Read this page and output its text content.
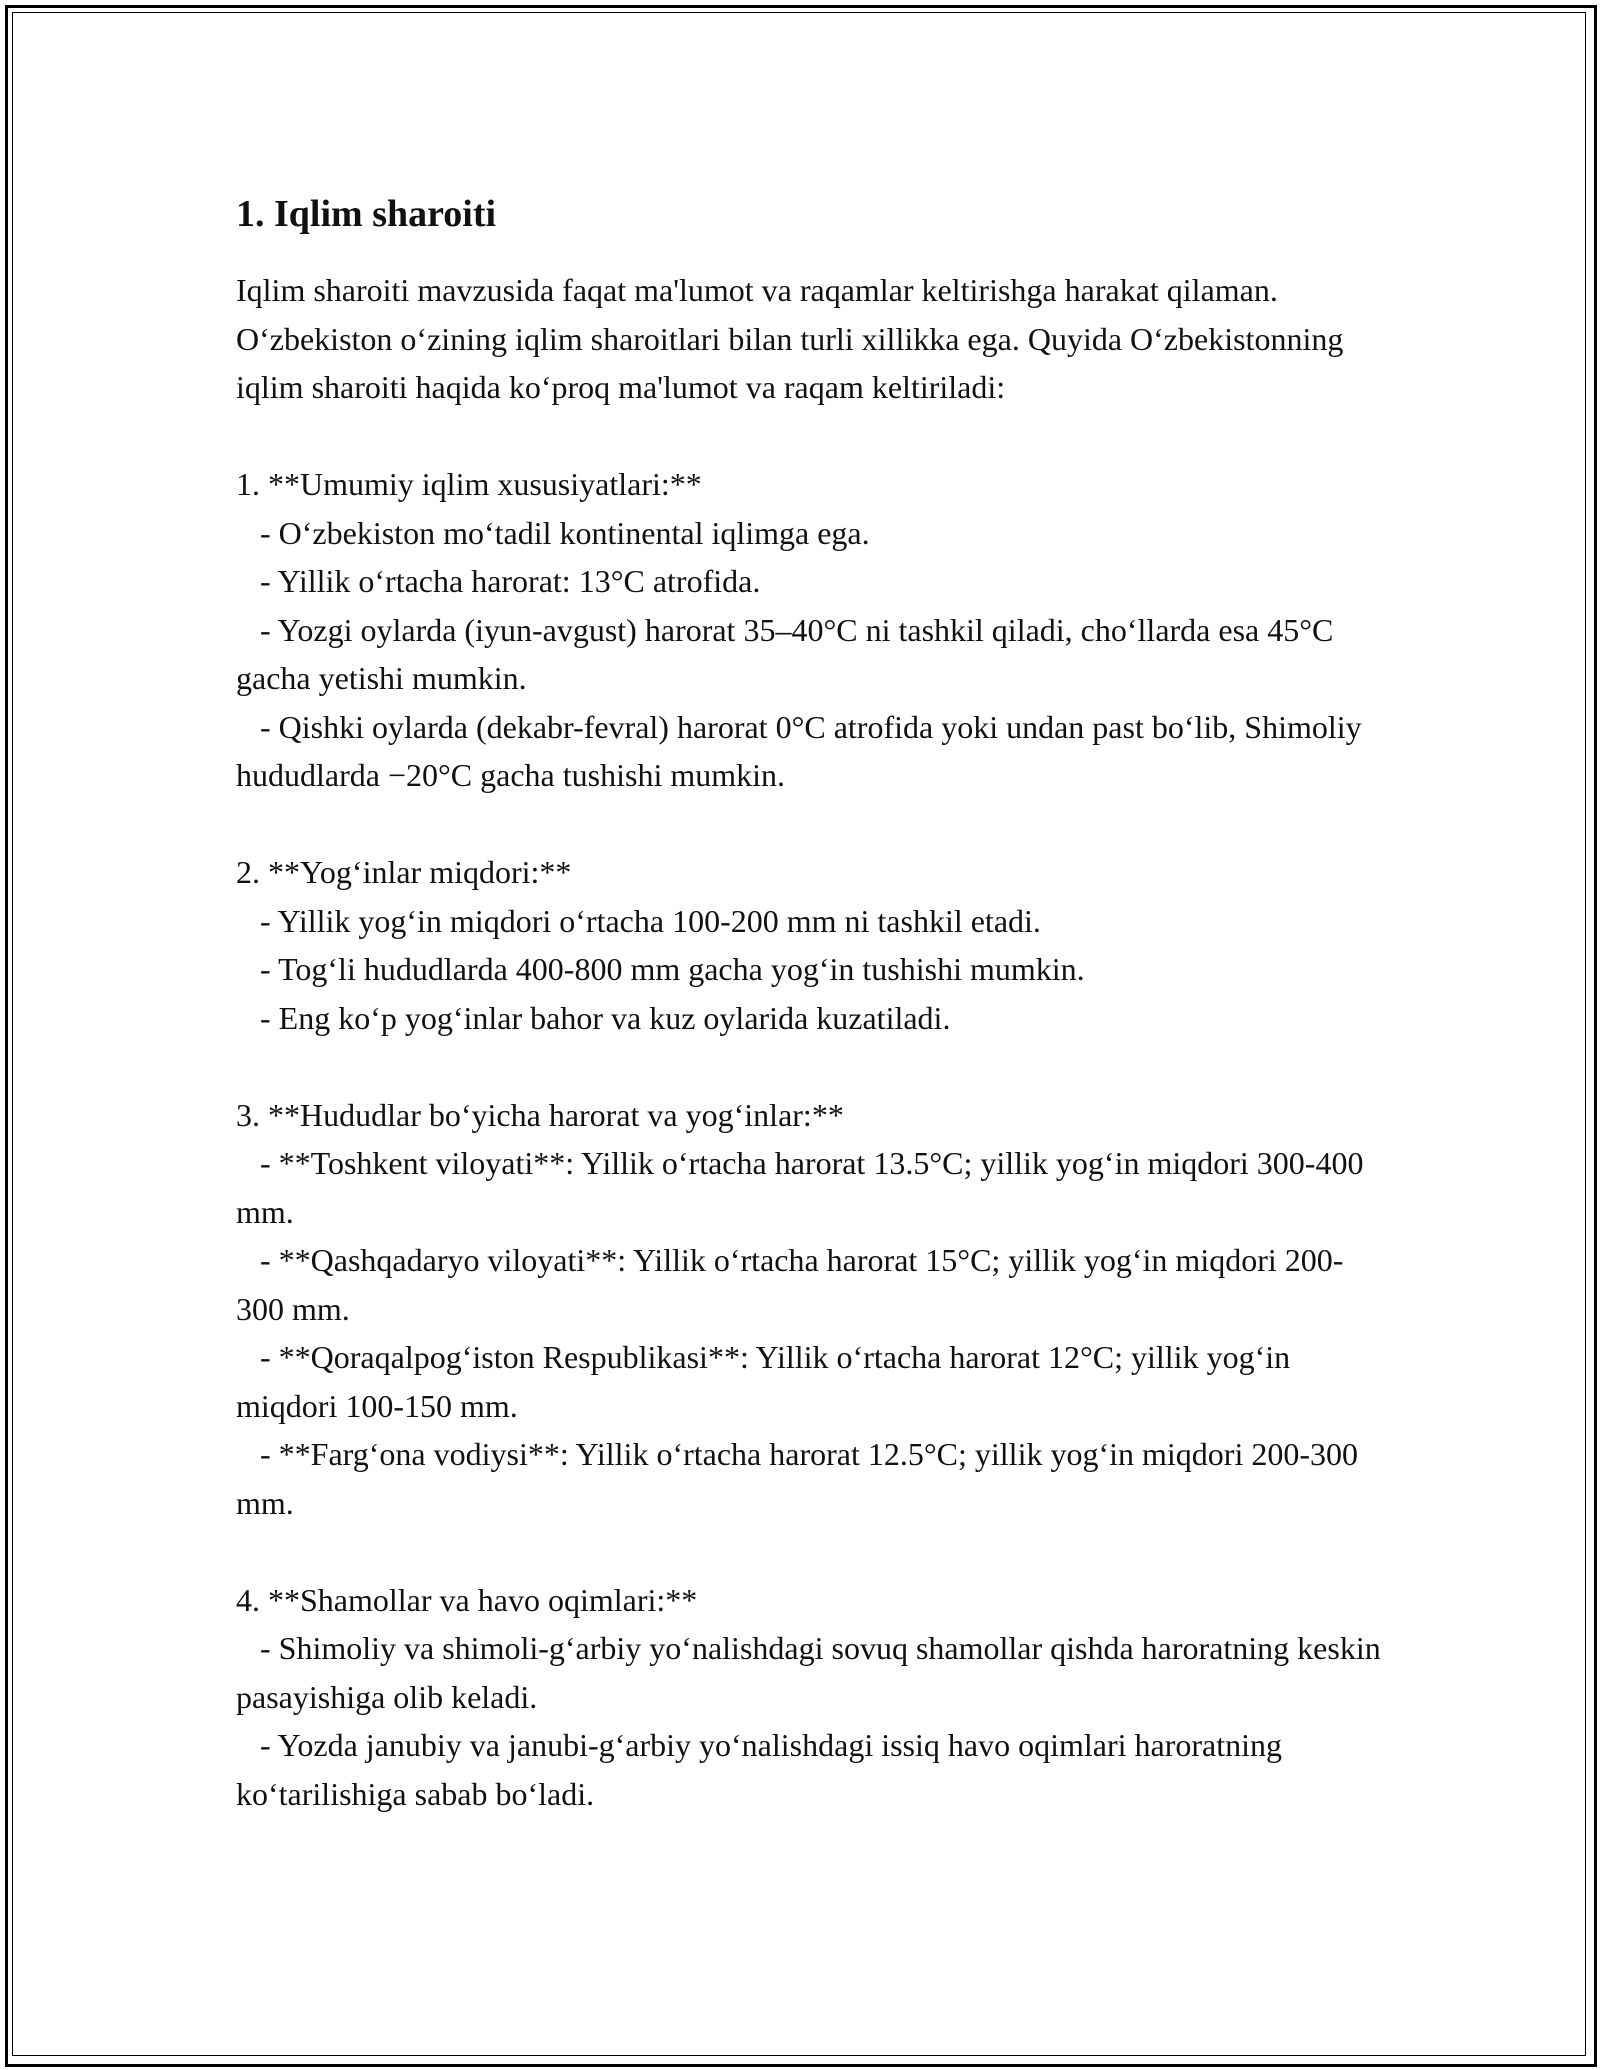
1. Iqlim sharoiti

Iqlim sharoiti mavzusida faqat ma'lumot va raqamlar keltirishga harakat qilaman. O‘zbekiston o‘zining iqlim sharoitlari bilan turli xillikka ega. Quyida O‘zbekistonning iqlim sharoiti haqida ko‘proq ma'lumot va raqam keltiriladi:

1. **Umumiy iqlim xususiyatlari:**

- O‘zbekiston mo‘tadil kontinental iqlimga ega.

- Yillik o‘rtacha harorat: 13°C atrofida.

- Yozgi oylarda (iyun-avgust) harorat 35–40°C ni tashkil qiladi, cho‘llarda esa 45°C gacha yetishi mumkin.

- Qishki oylarda (dekabr-fevral) harorat 0°C atrofida yoki undan past bo‘lib, Shimoliy hududlarda −20°C gacha tushishi mumkin.

2. **Yog‘inlar miqdori:**

- Yillik yog‘in miqdori o‘rtacha 100-200 mm ni tashkil etadi.

- Tog‘li hududlarda 400-800 mm gacha yog‘in tushishi mumkin.

- Eng ko‘p yog‘inlar bahor va kuz oylarida kuzatiladi.

3. **Hududlar bo‘yicha harorat va yog‘inlar:**

- **Toshkent viloyati**: Yillik o‘rtacha harorat 13.5°C; yillik yog‘in miqdori 300-400 mm.

- **Qashqadaryo viloyati**: Yillik o‘rtacha harorat 15°C; yillik yog‘in miqdori 200-300 mm.

- **Qoraqalpog‘iston Respublikasi**: Yillik o‘rtacha harorat 12°C; yillik yog‘in miqdori 100-150 mm.

- **Farg‘ona vodiysi**: Yillik o‘rtacha harorat 12.5°C; yillik yog‘in miqdori 200-300 mm.

4. **Shamollar va havo oqimlari:**

- Shimoliy va shimoli-g‘arbiy yo‘nalishdagi sovuq shamollar qishda haroratning keskin pasayishiga olib keladi.

- Yozda janubiy va janubi-g‘arbiy yo‘nalishdagi issiq havo oqimlari haroratning ko‘tarilishiga sabab bo‘ladi.
